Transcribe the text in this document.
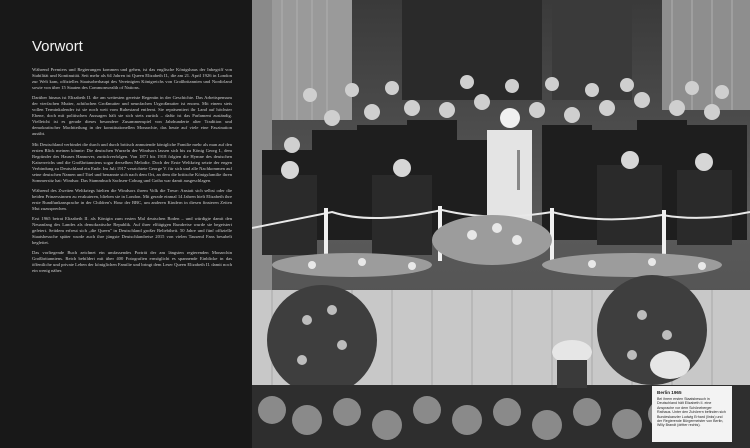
Vorwort

Während Premiers und Regierungen kommen und gehen, ist das englische Königshaus der Inbegriff von Stabilität und Kontinuität. Seit mehr als 64 Jahren ist Queen Elizabeth II., die am 21. April 1926 in London zur Welt kam, offizielles Staatsoberhaupt des Vereinigten Königreichs von Großbritannien und Nordirland sowie von über 15 Staaten des Commonwealth of Nations.

Darüber hinaus ist Elizabeth II. die am weitesten gereiste Regentin in der Geschichte. Das Arbeitspensum der vierfachen Mutter, achtfachen Großmutter und neunfachen Urgroßmutter ist enorm. Mit einem stets vollen Terminkalender ist sie noch weit vom Ruhestand entfernt. Sie repräsentiert ihr Land auf höchster Ebene, doch mit politischen Aussagen hält sie sich stets zurück – dafür ist das Parlament zuständig. Vielleicht ist es gerade dieses besondere Zusammenspiel von Jahrhunderte alter Tradition und demokratischer Machtteilung in der konstitutionellen Monarchie, das heute auf viele eine Faszination ausübt.

Mit Deutschland verbindet die durch und durch britisch anmutende königliche Familie mehr als man auf den ersten Blick meinen könnte: Die deutschen Wurzeln der Windsors lassen sich bis zu König Georg I., dem Begründer des Hauses Hannover, zurückverfolgen. Von 1871 bis 1918 folgten die Hymne des deutschen Kaiserreichs und die Großbritanniens sogar derselben Melodie. Doch der Erste Weltkrieg setzte der engen Verbindung zu Deutschland ein Ende. Im Juli 1917 verzichtete George V. für sich und alle Nachkommen auf seine deutschen Namen und Titel und benannte sich nach dem Ort, an dem die britische Königsfamilie ihren Sommersitz hat: Windsor. Das Stammbuch Sachsen-Coburg und Gotha war damit ausgeschlagen.

Während des Zweiten Weltkriegs hielten die Windsors ihrem Volk die Treue: Anstatt sich selbst oder die beiden Prinzessinnen zu evakuieren, blieben sie in London. Mit gerade einmal 14 Jahren hielt Elizabeth ihre erste Rundfunkansprache in der Children's Hour der BBC, um anderen Kindern in diesen finsteren Zeiten Mut zuzusprechen.

Erst 1965 betrat Elizabeth II. als Königin zum ersten Mal deutschen Boden – und würdigte damit den Neuanfang des Landes als demokratische Republik. Auf ihrer elftägigen Rundreise wurde sie begeistert gefeiert. Seitdem erfreut sich „die Queen" in Deutschland großer Beliebtheit. 50 Jahre und fünf offizielle Staatsbesuche später wurde auch ihre jüngste Deutschlandreise 2015 von vielen Tausend Fans besubelt begleitet.

Das vorliegende Buch zeichnet ein umfassendes Porträt der am längsten regierenden Monarchin Großbritanniens. Reich bebildert mit über 400 Fotografien ermöglicht es spannende Einblicke in das öffentliche und private Leben der königlichen Familie und bringt dem Leser Queen Elizabeth II. damit noch ein wenig näher.

Berlin 1965
Bei ihrem ersten Staatsbesuch in Deutschland hält Elizabeth II. eine Ansprache vor dem Schöneberger Rathaus. Unter den Zuhörern befinden sich Bundeskanzler Ludwig Erhard (links) und der Regierende Bürgermeister von Berlin, Willy Brandt (dritter rechts).
